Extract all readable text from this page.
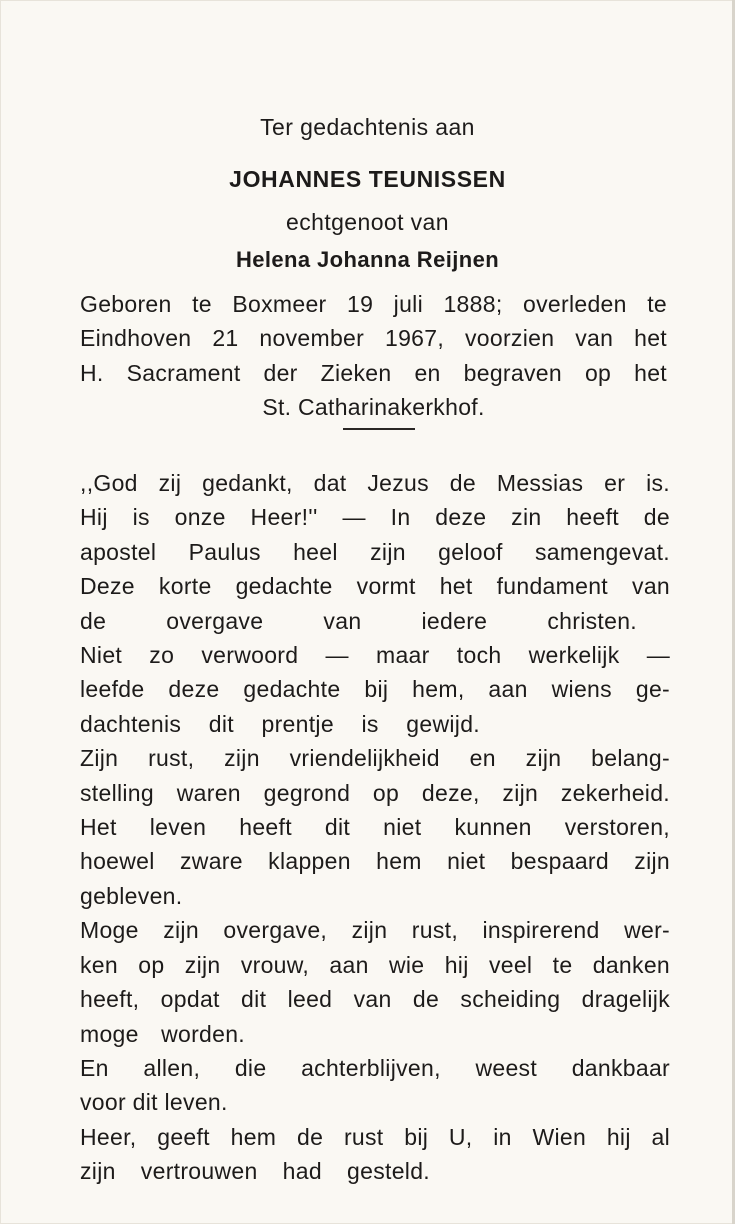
Ter gedachtenis aan
JOHANNES TEUNISSEN
echtgenoot van
Helena Johanna Reijnen
Geboren te Boxmeer 19 juli 1888; overleden te
Eindhoven 21 november 1967, voorzien van het
H. Sacrament der Zieken en begraven op het
St. Catharinakerkhof.

,,God zij gedankt, dat Jezus de Messias er is.
Hij is onze Heer!'' — In deze zin heeft de
apostel Paulus heel zijn geloof samengevat.
Deze korte gedachte vormt het fundament van
de overgave van iedere christen.

Niet zo verwoord — maar toch werkelijk —
leefde deze gedachte bij hem, aan wiens ge-
dachtenis dit prentje is gewijd.

Zijn rust, zijn vriendelijkheid en zijn belang-
stelling waren gegrond op deze, zijn zekerheid.
Het leven heeft dit niet kunnen verstoren,
hoewel zware klappen hem niet bespaard zijn
gebleven.

Moge zijn overgave, zijn rust, inspirerend wer-
ken op zijn vrouw, aan wie hij veel te danken
heeft, opdat dit leed van de scheiding dragelijk
moge worden.

En allen, die achterblijven, weest dankbaar
voor dit leven.

Heer, geeft hem de rust bij U, in Wien hij al
zijn vertrouwen had gesteld.
